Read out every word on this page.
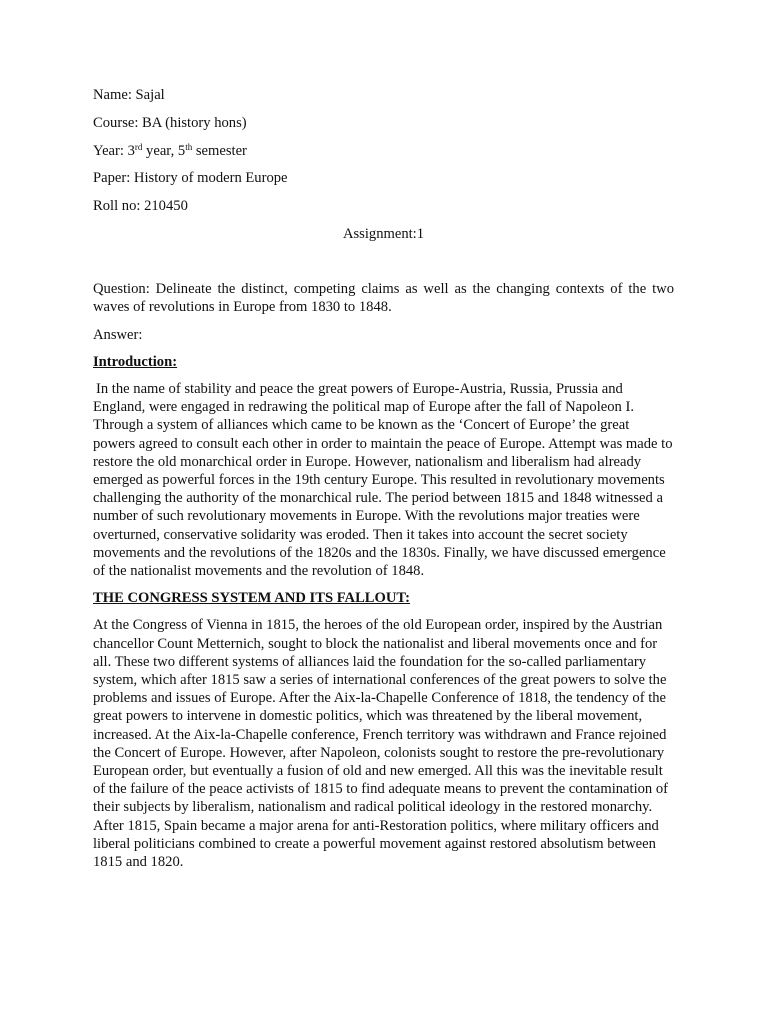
Name: Sajal
Course: BA (history hons)
Year: 3rd year, 5th semester
Paper: History of modern Europe
Roll no: 210450
Assignment:1
Question: Delineate the distinct, competing claims as well as the changing contexts of the two waves of revolutions in Europe from 1830 to 1848.
Answer:
Introduction:
In the name of stability and peace the great powers of Europe-Austria, Russia, Prussia and England, were engaged in redrawing the political map of Europe after the fall of Napoleon I. Through a system of alliances which came to be known as the ‘Concert of Europe’ the great powers agreed to consult each other in order to maintain the peace of Europe. Attempt was made to restore the old monarchical order in Europe. However, nationalism and liberalism had already emerged as powerful forces in the 19th century Europe. This resulted in revolutionary movements challenging the authority of the monarchical rule. The period between 1815 and 1848 witnessed a number of such revolutionary movements in Europe. With the revolutions major treaties were overturned, conservative solidarity was eroded. Then it takes into account the secret society movements and the revolutions of the 1820s and the 1830s. Finally, we have discussed emergence of the nationalist movements and the revolution of 1848.
THE CONGRESS SYSTEM AND ITS FALLOUT:
At the Congress of Vienna in 1815, the heroes of the old European order, inspired by the Austrian chancellor Count Metternich, sought to block the nationalist and liberal movements once and for all. These two different systems of alliances laid the foundation for the so-called parliamentary system, which after 1815 saw a series of international conferences of the great powers to solve the problems and issues of Europe. After the Aix-la-Chapelle Conference of 1818, the tendency of the great powers to intervene in domestic politics, which was threatened by the liberal movement, increased. At the Aix-la-Chapelle conference, French territory was withdrawn and France rejoined the Concert of Europe. However, after Napoleon, colonists sought to restore the pre-revolutionary European order, but eventually a fusion of old and new emerged. All this was the inevitable result of the failure of the peace activists of 1815 to find adequate means to prevent the contamination of their subjects by liberalism, nationalism and radical political ideology in the restored monarchy. After 1815, Spain became a major arena for anti-Restoration politics, where military officers and liberal politicians combined to create a powerful movement against restored absolutism between 1815 and 1820.
